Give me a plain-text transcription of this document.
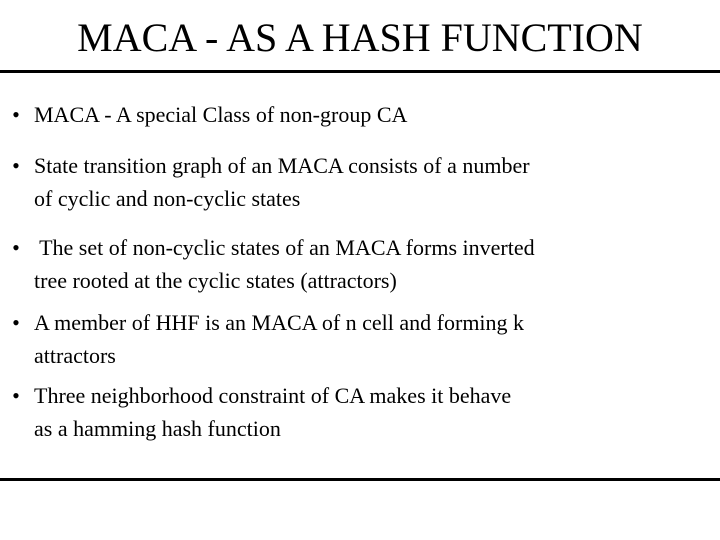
MACA - AS A HASH FUNCTION
• MACA - A special Class of non-group CA
• State transition graph of an MACA consists of a number
of cyclic and non-cyclic states
• The set of non-cyclic states of an MACA forms inverted
tree rooted at the cyclic states (attractors)
• A member of HHF is an MACA of n cell and forming k
attractors
• Three neighborhood constraint of CA makes it behave
as a hamming hash function
